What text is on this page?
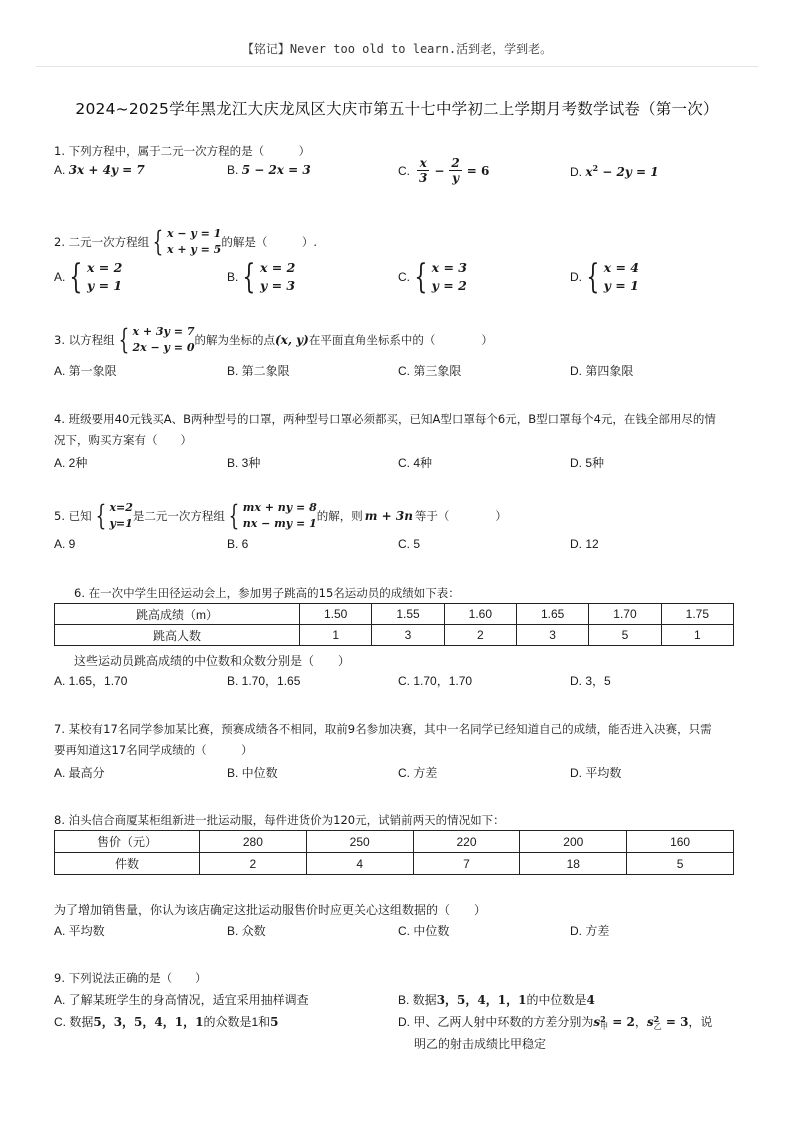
【铭记】Never too old to learn.活到老，学到老。
2024~2025学年黑龙江大庆龙凤区大庆市第五十七中学初二上学期月考数学试卷（第一次）
1. 下列方程中，属于二元一次方程的是（　　　）
A. 3x + 4y = 7	B. 5 − 2x = 3	C. $\frac{x}{3} - \frac{2}{y} = 6$	D. $x^2 - 2y = 1$
2. 二元一次方程组 { x − y = 1
x + y = 5
的解是（　　　）.
A. { x = 2
y = 1
B. { x = 2
y = 3
C. { x = 3
y = 2
D. { x = 4
y = 1
3. 以方程组 { x + 3y = 7
2x − y = 0
的解为坐标的点 (x, y) 在平面直角坐标系中的（　　　　）
A. 第一象限	B. 第二象限	C. 第三象限	D. 第四象限
4. 班级要用40元钱买A、B两种型号的口罩，两种型号口罩必须都买，已知A型口罩每个6元，B型口罩每个4元，在钱全部用尽的情
况下，购买方案有（　　）
A. 2种	B. 3种	C. 4种	D. 5种
5. 已知 { x=2
y=1
是二元一次方程组 { mx + ny = 8
nx − my = 1
的解，则 m + 3n 等于（　　　　）
A. 9	B. 6	C. 5	D. 12
6. 在一次中学生田径运动会上，参加男子跳高的15名运动员的成绩如下表：
跳高成绩（m）	1.50	1.55	1.60	1.65	1.70	1.75
跳高人数	1	3	2	3	5	1
这些运动员跳高成绩的中位数和众数分别是（　　）
A. 1.65，1.70	B. 1.70，1.65	C. 1.70，1.70	D. 3，5
7. 某校有17名同学参加某比赛，预赛成绩各不相同，取前9名参加决赛，其中一名同学已经知道自己的成绩，能否进入决赛，只需
要再知道这17名同学成绩的（　　　）
A. 最高分	B. 中位数	C. 方差	D. 平均数
8. 泊头信合商厦某柜组新进一批运动服，每件进货价为120元，试销前两天的情况如下：
售价（元）	280	250	220	200	160
件数	2	4	7	18	5
为了增加销售量，你认为该店确定这批运动服售价时应更关心这组数据的（　　）
A. 平均数	B. 众数	C. 中位数	D. 方差
9. 下列说法正确的是（　　）
A. 了解某班学生的身高情况，适宜采用抽样调查	B. 数据3，5，4，1，1的中位数是4
C. 数据5，3，5，4，1，1的众数是1和5	D. 甲、乙两人射中环数的方差分别为s 2
甲 = 2，s 2
乙 = 3，说
明乙的射击成绩比甲稳定
